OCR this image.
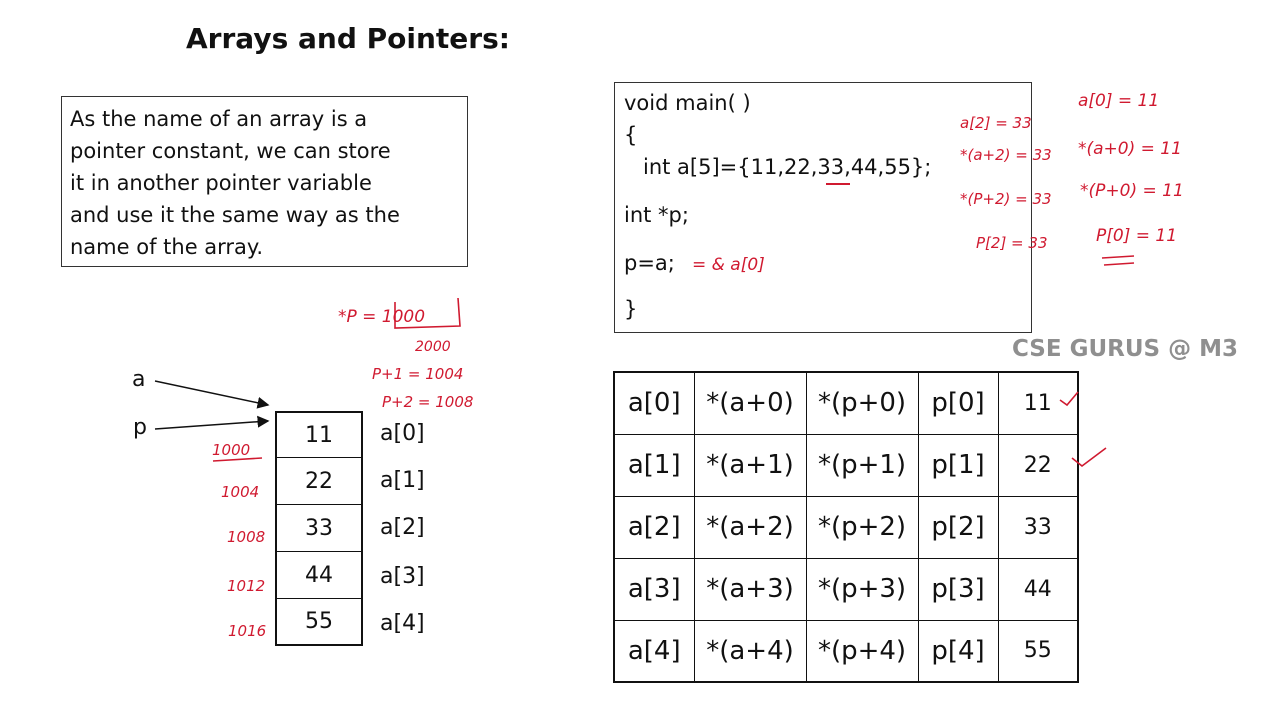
Arrays and Pointers:
As the name of an array is a
pointer constant, we can store
it in another pointer variable
and use it the same way as the
name of the array.
void main( )
{
int a[5]={11,22,33,44,55};
int *p;
p=a;
}
CSE GURUS @ M3
a
p	11
22
33
44
55
a[0]
a[1]
a[2]
a[3]
a[4]
a[0]	*(a+0)	*(p+0)	p[0]	11
a[1]	*(a+1)	*(p+1)	p[1]	22
a[2]	*(a+2)	*(p+2)	p[2]	33
a[3]	*(a+3)	*(p+3)	p[3]	44
a[4]	*(a+4)	*(p+4)	p[4]	55
1000
1004
1008
1012
1016
*P = 1000
2000
P+1 = 1004
P+2 = 1008
= & a[0]
a[0] = 11
a[2] = 33
*(a+0) = 11
*(a+2) = 33
*(P+0) = 11
*(P+2) = 33
P[2] = 33	P[0] = 11
